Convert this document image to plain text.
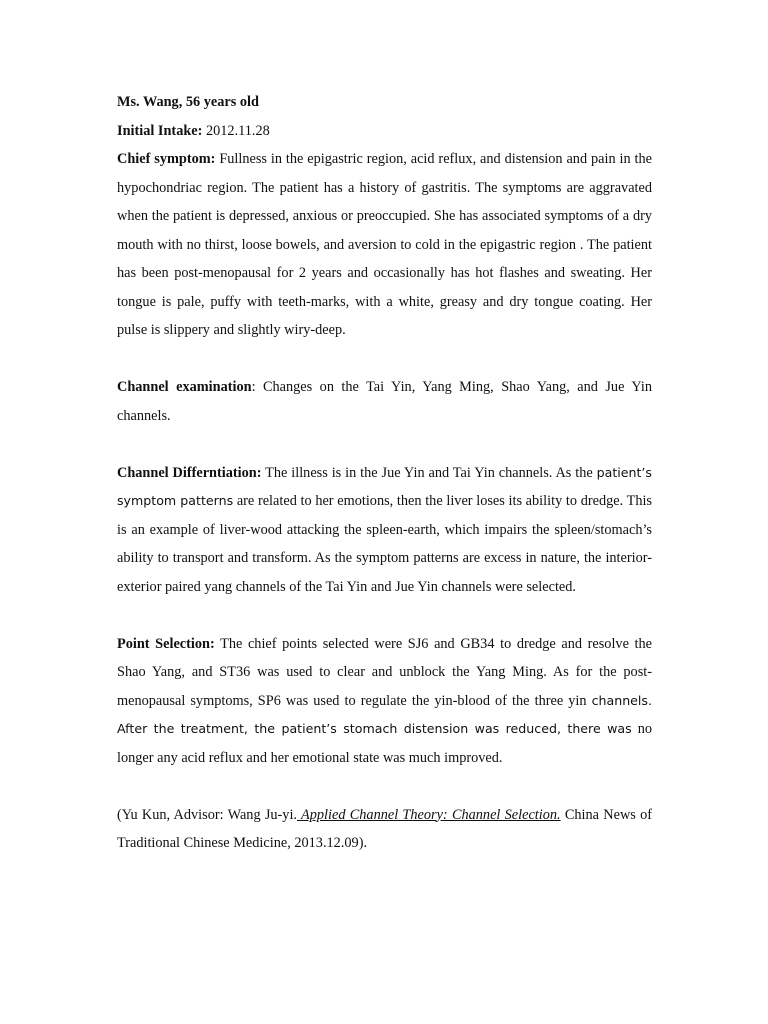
Ms. Wang, 56 years old

Initial Intake: 2012.11.28

Chief symptom: Fullness in the epigastric region, acid reflux, and distension and pain in the hypochondriac region. The patient has a history of gastritis. The symptoms are aggravated when the patient is depressed, anxious or preoccupied. She has associated symptoms of a dry mouth with no thirst, loose bowels, and aversion to cold in the epigastric region . The patient has been post-menopausal for 2 years and occasionally has hot flashes and sweating. Her tongue is pale, puffy with teeth-marks, with a white, greasy and dry tongue coating. Her pulse is slippery and slightly wiry-deep.

Channel examination: Changes on the Tai Yin, Yang Ming, Shao Yang, and Jue Yin channels.

Channel Differntiation: The illness is in the Jue Yin and Tai Yin channels. As the patient’s symptom patterns are related to her emotions, then the liver loses its ability to dredge. This is an example of liver-wood attacking the spleen-earth, which impairs the spleen/stomach’s ability to transport and transform. As the symptom patterns are excess in nature, the interior-exterior paired yang channels of the Tai Yin and Jue Yin channels were selected.

Point Selection: The chief points selected were SJ6 and GB34 to dredge and resolve the Shao Yang, and ST36 was used to clear and unblock the Yang Ming. As for the post-menopausal symptoms, SP6 was used to regulate the yin-blood of the three yin channels. After the treatment, the patient’s stomach distension was reduced, there was no longer any acid reflux and her emotional state was much improved.

(Yu Kun, Advisor: Wang Ju-yi. Applied Channel Theory: Channel Selection. China News of Traditional Chinese Medicine, 2013.12.09).
